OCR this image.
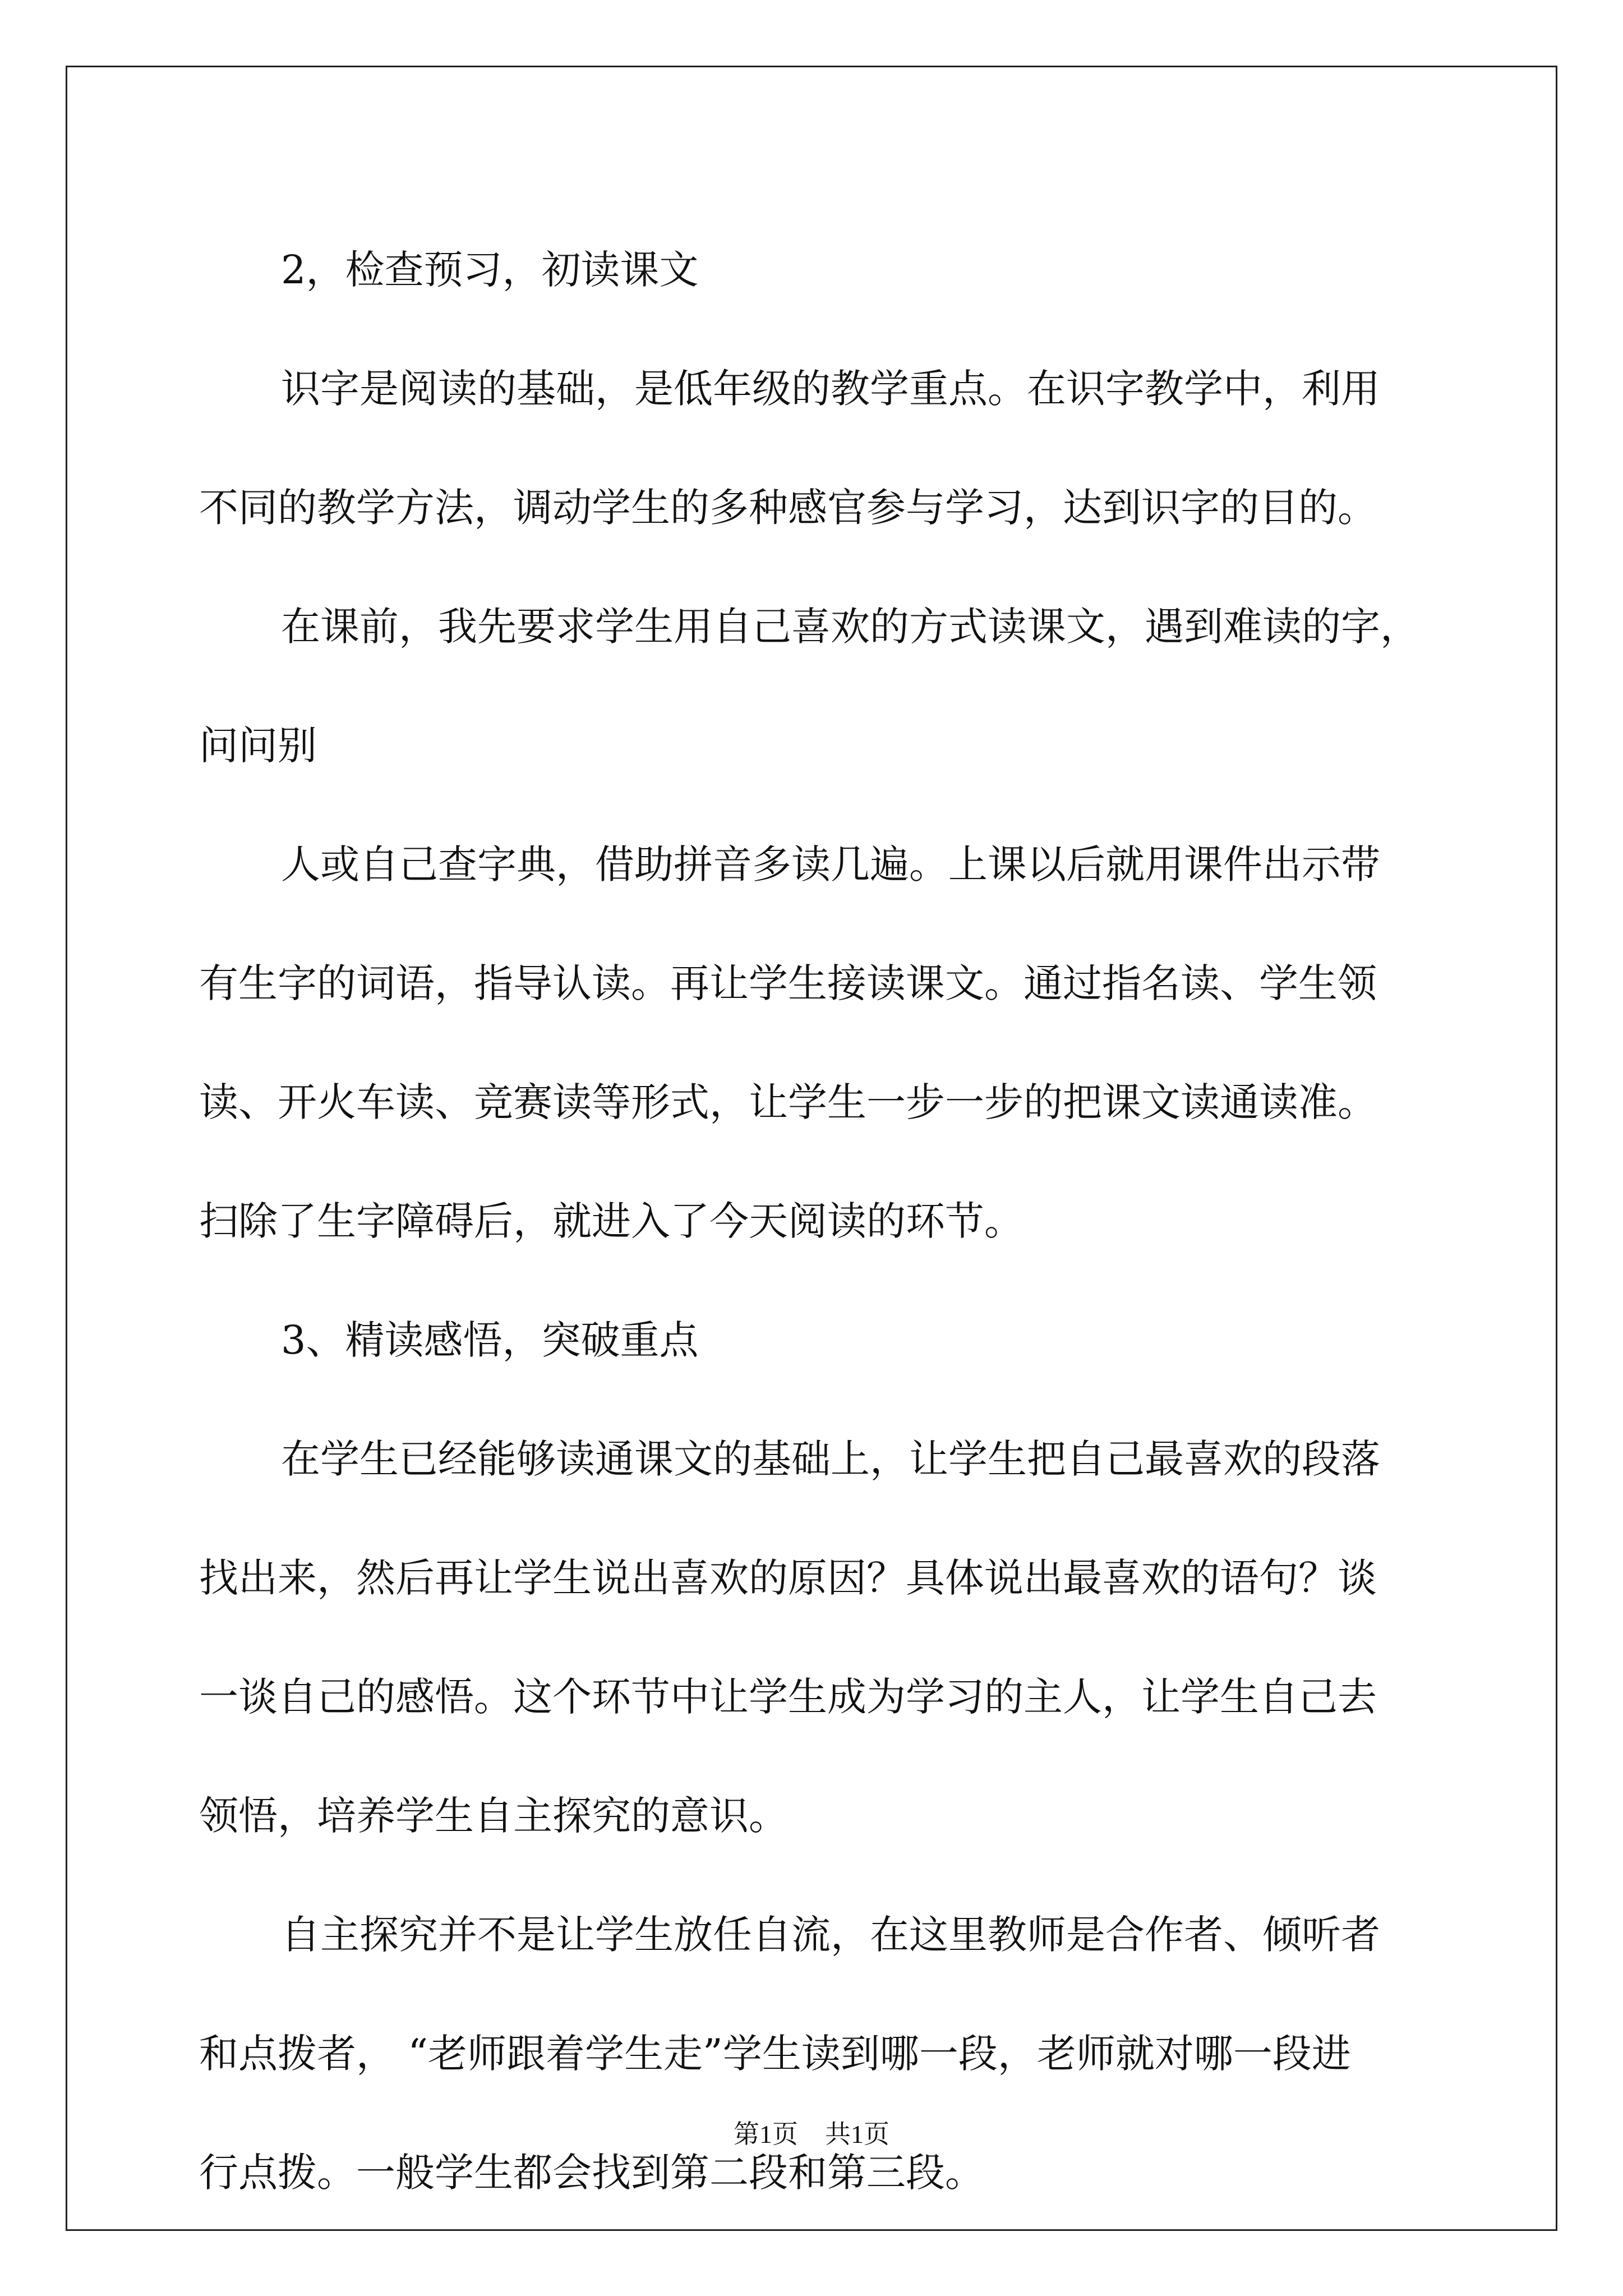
2，检查预习，初读课文
识字是阅读的基础，是低年级的教学重点。在识字教学中，利用
不同的教学方法，调动学生的多种感官参与学习，达到识字的目的。
在课前，我先要求学生用自己喜欢的方式读课文，遇到难读的字，
问问别
人或自己查字典，借助拼音多读几遍。上课以后就用课件出示带
有生字的词语，指导认读。再让学生接读课文。通过指名读、学生领
读、开火车读、竞赛读等形式，让学生一步一步的把课文读通读准。
扫除了生字障碍后，就进入了今天阅读的环节。
3、精读感悟，突破重点
在学生已经能够读通课文的基础上，让学生把自己最喜欢的段落
找出来，然后再让学生说出喜欢的原因？具体说出最喜欢的语句？谈
一谈自己的感悟。这个环节中让学生成为学习的主人，让学生自己去
领悟，培养学生自主探究的意识。
自主探究并不是让学生放任自流，在这里教师是合作者、倾听者
和点拨者， “老师跟着学生走”学生读到哪一段，老师就对哪一段进
行点拨。一般学生都会找到第二段和第三段。
第1页 共1页
